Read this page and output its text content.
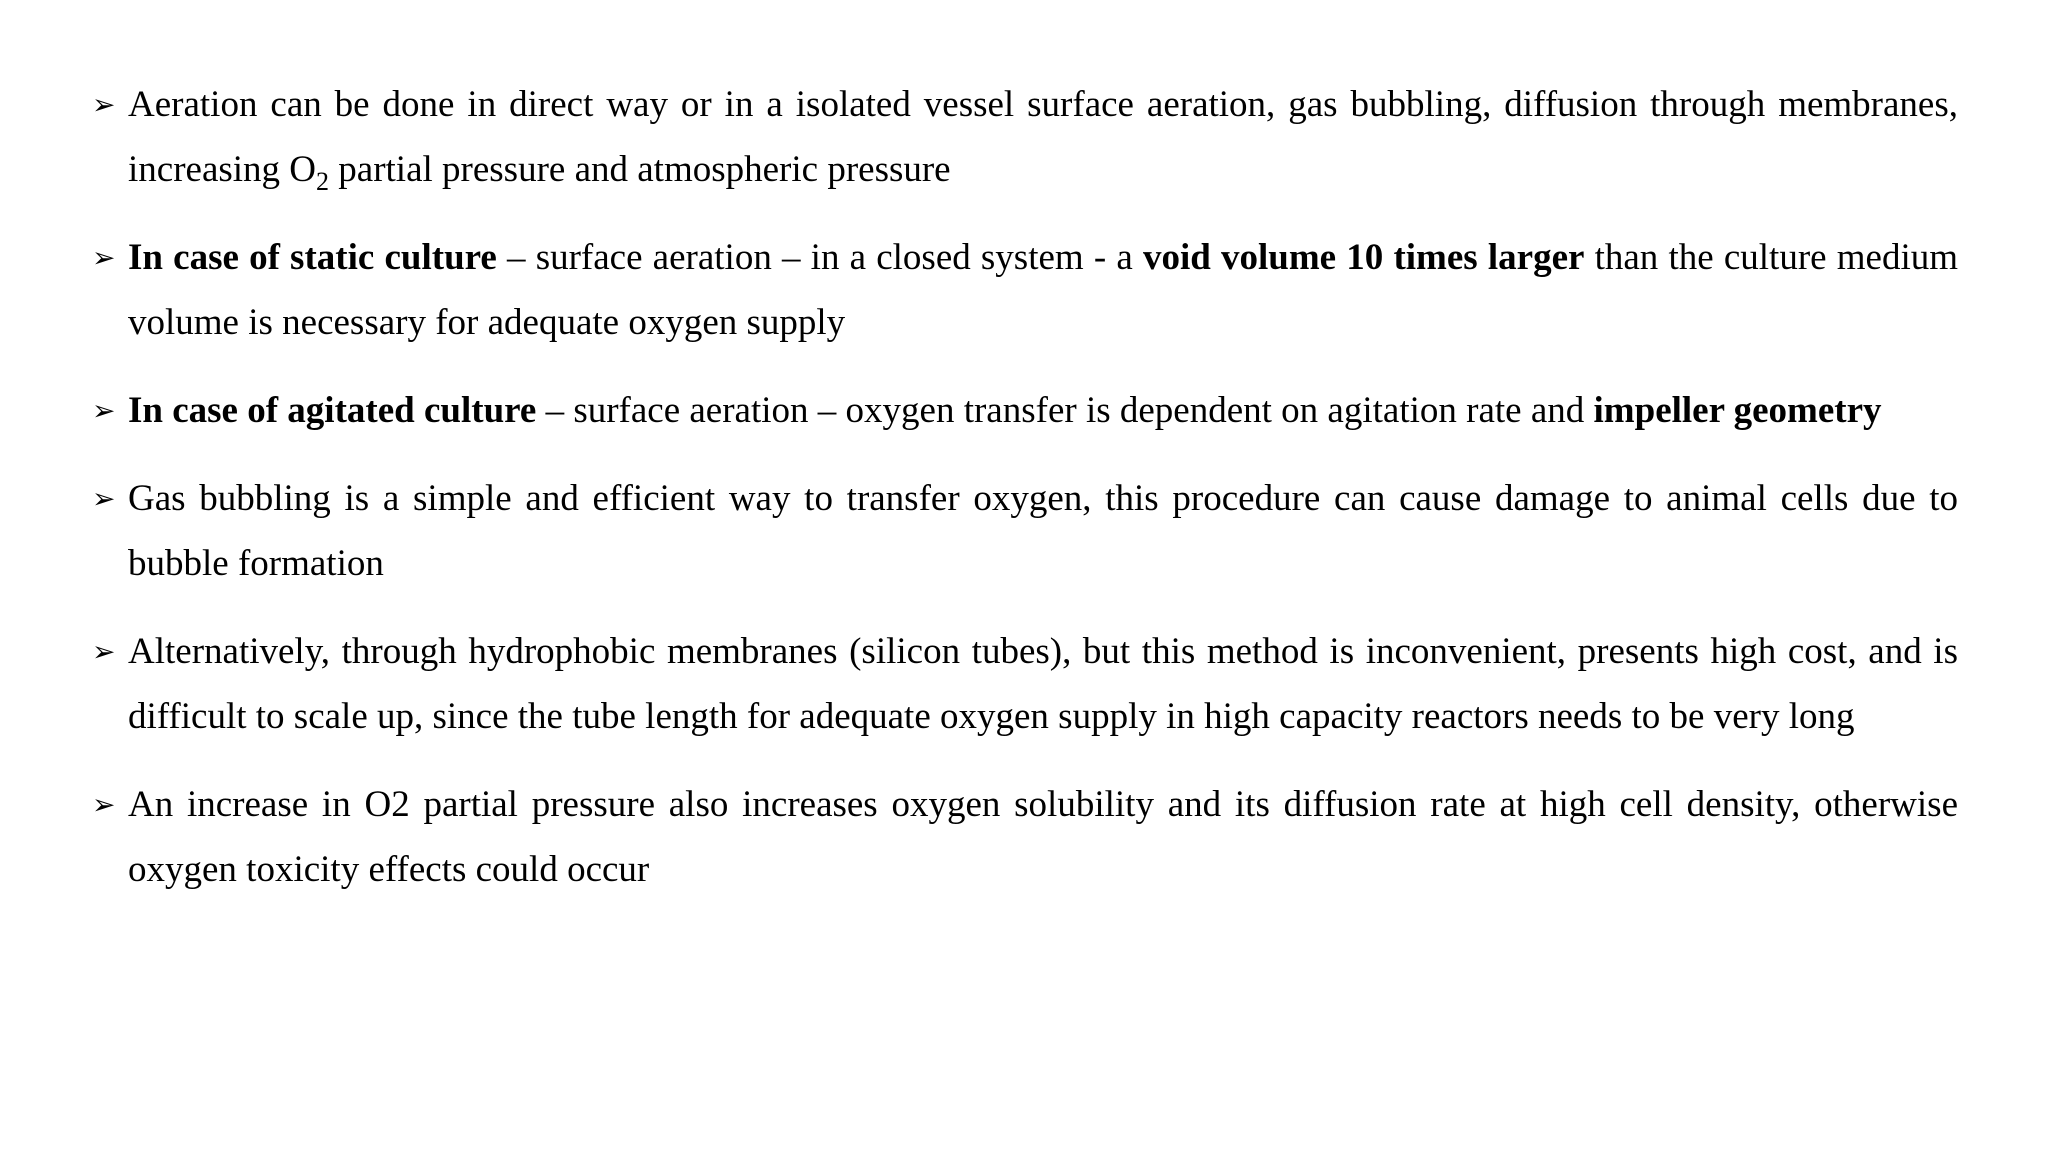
➢ Aeration can be done in direct way or in a isolated vessel surface aeration, gas bubbling, diffusion through membranes, increasing $O_2$ partial pressure and atmospheric pressure
➢ In case of static culture – surface aeration – in a closed system - a void volume 10 times larger than the culture medium volume is necessary for adequate oxygen supply
➢ In case of agitated culture – surface aeration – oxygen transfer is dependent on agitation rate and impeller geometry
➢ Gas bubbling is a simple and efficient way to transfer oxygen, this procedure can cause damage to animal cells due to bubble formation
➢ Alternatively, through hydrophobic membranes (silicon tubes), but this method is inconvenient, presents high cost, and is difficult to scale up, since the tube length for adequate oxygen supply in high capacity reactors needs to be very long
➢ An increase in O2 partial pressure also increases oxygen solubility and its diffusion rate at high cell density, otherwise oxygen toxicity effects could occur
